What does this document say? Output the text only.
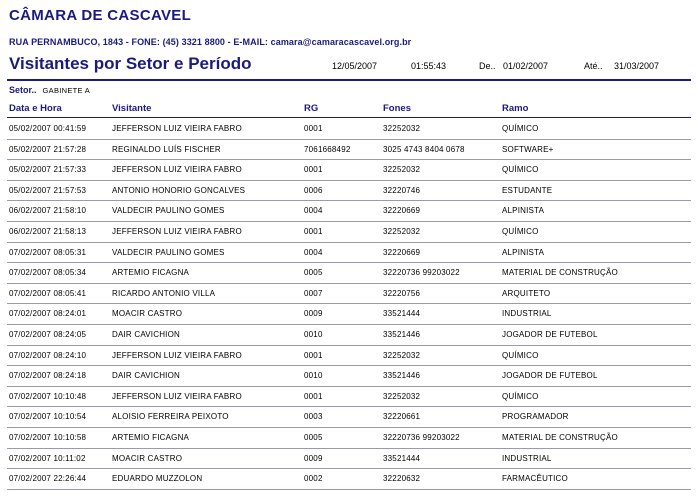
CÂMARA DE CASCAVEL
RUA PERNAMBUCO, 1843 - FONE: (45) 3321 8800 - E-MAIL: camara@camaracascavel.org.br
Visitantes por Setor e Período	12/05/2007	01:55:43	De.. 01/02/2007	Até.. 31/03/2007
Setor.. GABINETE A
Data e Hora	Visitante	RG	Fones	Ramo
05/02/2007 00:41:59	JEFFERSON LUIZ VIEIRA FABRO	0001	32252032	QUÍMICO
05/02/2007 21:57:28	REGINALDO LUÍS FISCHER	7061668492	3025 4743 8404 0678	SOFTWARE+
05/02/2007 21:57:33	JEFFERSON LUIZ VIEIRA FABRO	0001	32252032	QUÍMICO
05/02/2007 21:57:53	ANTONIO HONORIO GONCALVES	0006	32220746	ESTUDANTE
06/02/2007 21:58:10	VALDECIR PAULINO GOMES	0004	32220669	ALPINISTA
06/02/2007 21:58:13	JEFFERSON LUIZ VIEIRA FABRO	0001	32252032	QUÍMICO
07/02/2007 08:05:31	VALDECIR PAULINO GOMES	0004	32220669	ALPINISTA
07/02/2007 08:05:34	ARTEMIO FICAGNA	0005	32220736 99203022	MATERIAL DE CONSTRUÇÃO
07/02/2007 08:05:41	RICARDO ANTONIO VILLA	0007	32220756	ARQUITETO
07/02/2007 08:24:01	MOACIR CASTRO	0009	33521444	INDUSTRIAL
07/02/2007 08:24:05	DAIR CAVICHION	0010	33521446	JOGADOR DE FUTEBOL
07/02/2007 08:24:10	JEFFERSON LUIZ VIEIRA FABRO	0001	32252032	QUÍMICO
07/02/2007 08:24:18	DAIR CAVICHION	0010	33521446	JOGADOR DE FUTEBOL
07/02/2007 10:10:48	JEFFERSON LUIZ VIEIRA FABRO	0001	32252032	QUÍMICO
07/02/2007 10:10:54	ALOISIO FERREIRA PEIXOTO	0003	32220661	PROGRAMADOR
07/02/2007 10:10:58	ARTEMIO FICAGNA	0005	32220736 99203022	MATERIAL DE CONSTRUÇÃO
07/02/2007 10:11:02	MOACIR CASTRO	0009	33521444	INDUSTRIAL
07/02/2007 22:26:44	EDUARDO MUZZOLON	0002	32220632	FARMACÊUTICO
